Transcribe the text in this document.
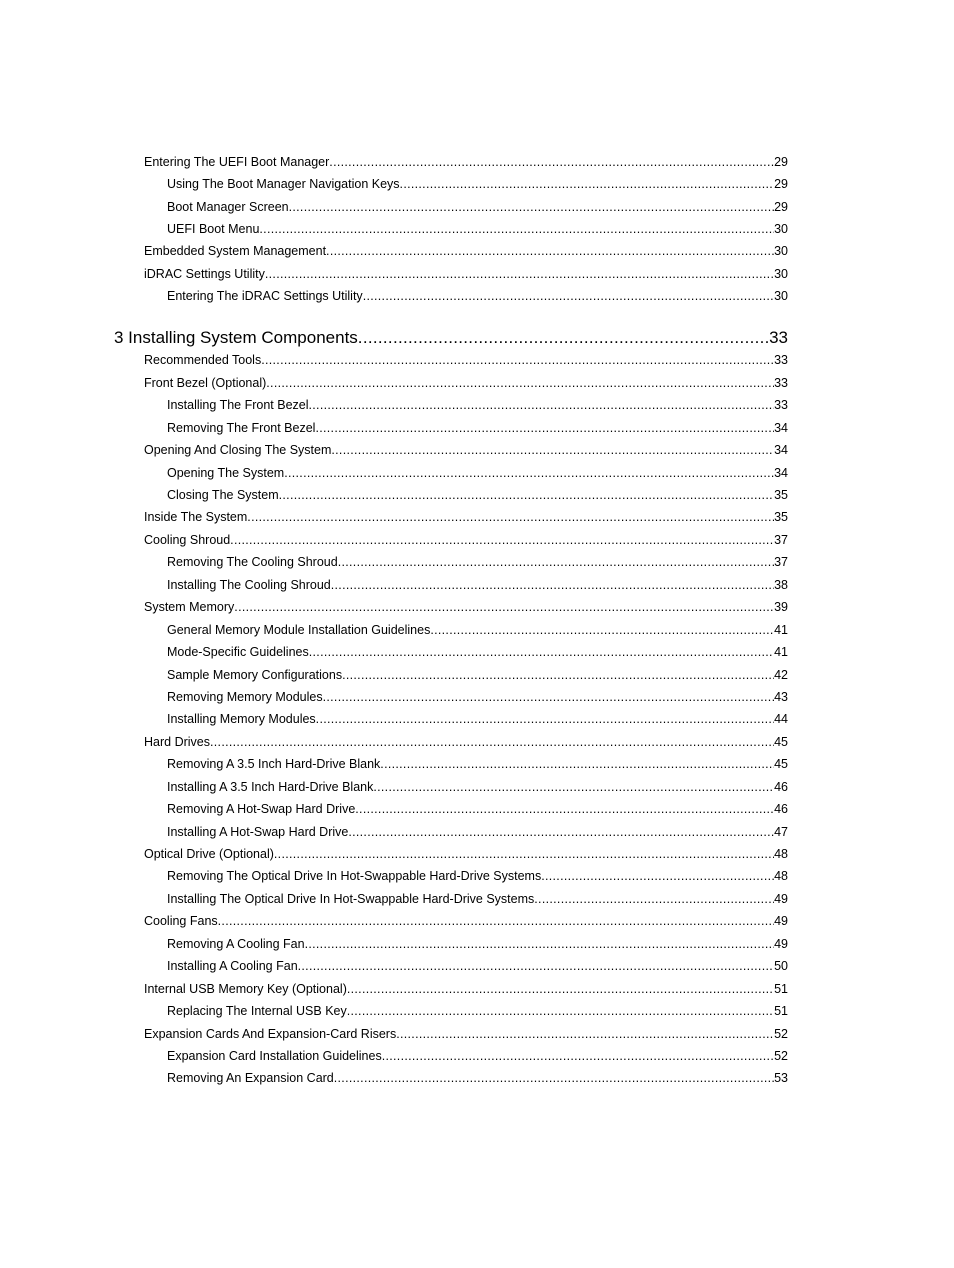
Entering The UEFI Boot Manager .....	29
Using The Boot Manager Navigation Keys .....	29
Boot Manager Screen .....	29
UEFI Boot Menu .....	30
Embedded System Management .....	30
iDRAC Settings Utility .....	30
Entering The iDRAC Settings Utility .....	30
3 Installing System Components .....	33
Recommended Tools .....	33
Front Bezel (Optional) .....	33
Installing The Front Bezel .....	33
Removing The Front Bezel .....	34
Opening And Closing The System .....	34
Opening The System .....	34
Closing The System .....	35
Inside The System .....	35
Cooling Shroud .....	37
Removing The Cooling Shroud .....	37
Installing The Cooling Shroud .....	38
System Memory .....	39
General Memory Module Installation Guidelines .....	41
Mode-Specific Guidelines .....	41
Sample Memory Configurations .....	42
Removing Memory Modules .....	43
Installing Memory Modules .....	44
Hard Drives .....	45
Removing A 3.5 Inch Hard-Drive Blank .....	45
Installing A 3.5 Inch Hard-Drive Blank .....	46
Removing A Hot-Swap Hard Drive .....	46
Installing A Hot-Swap Hard Drive .....	47
Optical Drive (Optional) .....	48
Removing The Optical Drive In Hot-Swappable Hard-Drive Systems .....	48
Installing The Optical Drive In Hot-Swappable Hard-Drive Systems .....	49
Cooling Fans .....	49
Removing A Cooling Fan .....	49
Installing A Cooling Fan .....	50
Internal USB Memory Key (Optional) .....	51
Replacing The Internal USB Key .....	51
Expansion Cards And Expansion-Card Risers .....	52
Expansion Card Installation Guidelines .....	52
Removing An Expansion Card .....	53
